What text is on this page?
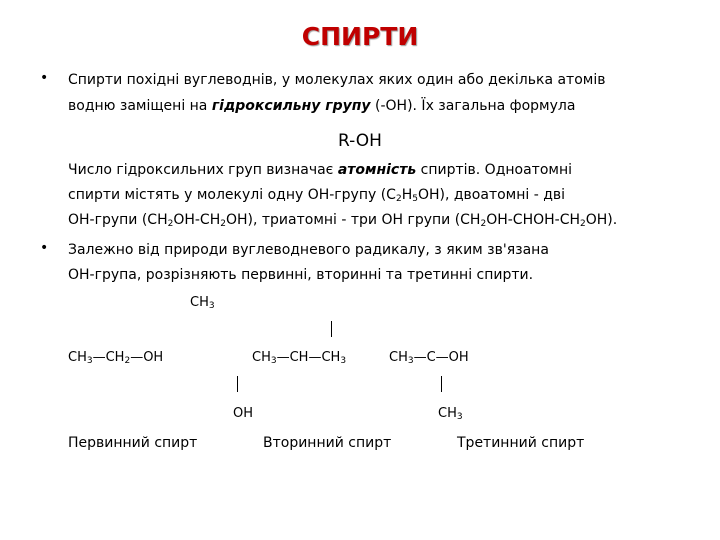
СПИРТИ
• Спирти похідні вуглеводнів, у молекулах яких один або декілька атомів
водню заміщені на гідроксильну групу (-ОН). Їх загальна формула
R-OH
Число гідроксильних груп визначає атомність спиртів. Одноатомні
спирти містять у молекулі одну ОН-групу $(С_2Н_5ОН)$, двоатомні - дві
ОН-групи $(СН_2ОН-СН_2ОН)$, триатомні - три ОН групи $(СН_2ОН-СНОН-СН_2ОН)$.
• Залежно від природи вуглеводневого радикалу, з яким зв'язана
ОН-група, розрізняють первинні, вторинні та третинні спирти.
$CH_3$
$CH_3—CH_2—OH$	$CH_3—CH—CH_3$	$CH_3—C—OH$
OH	$CH_3$
Первинний спирт	Вторинний спирт	Третинний спирт
